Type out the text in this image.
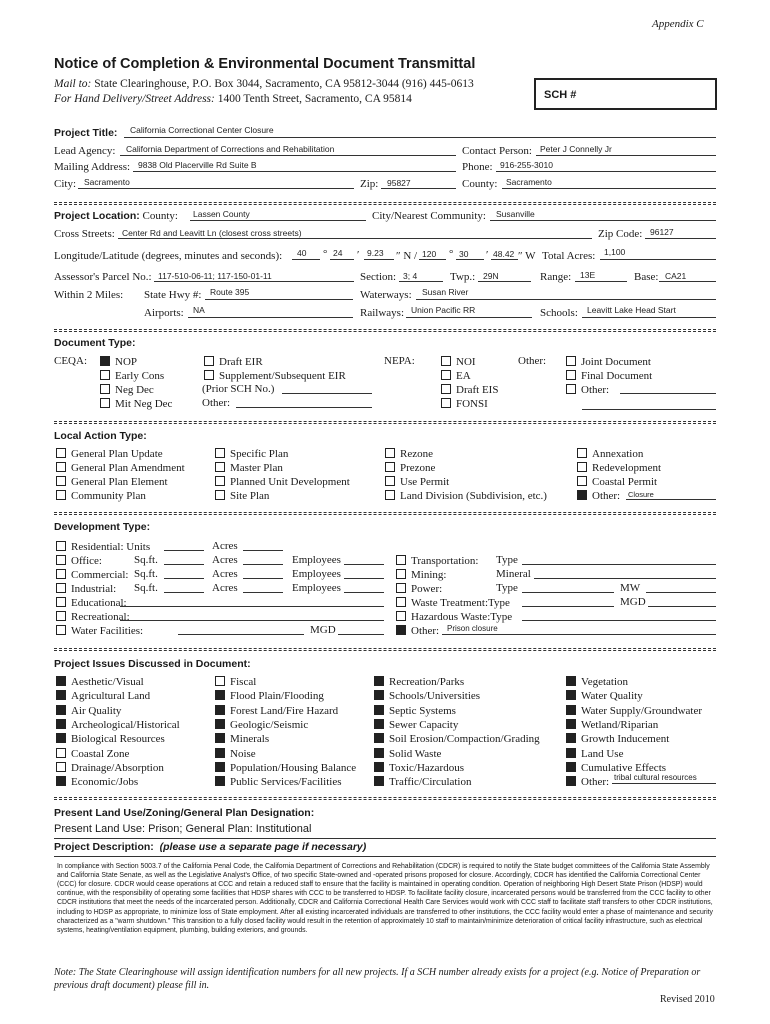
Appendix C
Notice of Completion & Environmental Document Transmittal
Mail to: State Clearinghouse, P.O. Box 3044, Sacramento, CA 95812-3044 (916) 445-0613
For Hand Delivery/Street Address: 1400 Tenth Street, Sacramento, CA 95814	SCH #
Project Title: California Correctional Center Closure
Lead Agency: California Department of Corrections and Rehabilitation	Contact Person: Peter J Connelly Jr
Mailing Address: 9838 Old Placerville Rd Suite B	Phone: 916-255-3010
City: Sacramento	Zip: 95827	County: Sacramento
Project Location: County: Lassen County	City/Nearest Community: Susanville
Cross Streets: Center Rd and Leavitt Ln (closest cross streets)	Zip Code: 96127
Longitude/Latitude (degrees, minutes and seconds): 40 ° 24 ′ 9.23 ″ N / 120 ° 30 ′ 48.42 ″ W Total Acres: 1,100
Assessor's Parcel No.: 117-510-06-11; 117-150-01-11	Section: 3; 4	Twp.: 29N	Range: 13E	Base: CA21
Within 2 Miles: State Hwy #: Route 395	Waterways: Susan River
Airports: NA	Railways: Union Pacific RR	Schools: Leavitt Lake Head Start
Document Type:
CEQA:	NOP
Early Cons
Neg Dec
Mit Neg Dec
Draft EIR
Supplement/Subsequent EIR
(Prior SCH No.)
Other:
NEPA:	NOI
EA
Draft EIS
FONSI
Other:	Joint Document
Final Document
Other:
Local Action Type:
General Plan Update
General Plan Amendment
General Plan Element
Community Plan
Specific Plan
Master Plan
Planned Unit Development
Site Plan
Rezone
Prezone
Use Permit
Land Division (Subdivision, etc.)
Annexation
Redevelopment
Coastal Permit
Other: Closure
Development Type:
Residential: Units	Acres
Office:	Sq.ft.	Acres	Employees
Commercial: Sq.ft.	Acres	Employees
Industrial: Sq.ft.	Acres	Employees
Educational:
Recreational:
Water Facilities:	MGD
Transportation: Type
Mining:	Mineral
Power:	Type	MW
Waste Treatment:Type	MGD
Hazardous Waste:Type
Other: Prison closure
Project Issues Discussed in Document:
Aesthetic/Visual
Agricultural Land
Air Quality
Archeological/Historical
Biological Resources
Coastal Zone
Drainage/Absorption
Economic/Jobs
Fiscal
Flood Plain/Flooding
Forest Land/Fire Hazard
Geologic/Seismic
Minerals
Noise
Population/Housing Balance
Public Services/Facilities
Recreation/Parks
Schools/Universities
Septic Systems
Sewer Capacity
Soil Erosion/Compaction/Grading
Solid Waste
Toxic/Hazardous
Traffic/Circulation
Vegetation
Water Quality
Water Supply/Groundwater
Wetland/Riparian
Growth Inducement
Land Use
Cumulative Effects
Other: tribal cultural resources
Present Land Use/Zoning/General Plan Designation:
Present Land Use: Prison; General Plan: Institutional
Project Description: (please use a separate page if necessary)
In compliance with Section 5003.7 of the California Penal Code, the California Department of Corrections and Rehabilitation (CDCR) is required to notify the State budget committees of the California State Assembly and California State Senate, as well as the Legislative Analyst's Office, of two specific State-owned and -operated prisons proposed for closure. Accordingly, CDCR has identified the California Correctional Center (CCC) for closure. CDCR would cease operations at CCC and retain a reduced staff to ensure that the facility is maintained in operating condition. Operation of neighboring High Desert State Prison (HDSP) would continue, with the responsibility of operating some facilities that HDSP shares with CCC to be transferred to HDSP. To facilitate facility closure, incarcerated persons would be transferred from the CCC facility to other CDCR institutions that meet the needs of the incarcerated person. Additionally, CDCR and California Correctional Health Care Services would work with CCC staff to facilitate staff transfers to other CDCR institutions, including to HDSP as appropriate, to minimize loss of State employment. After all existing incarcerated individuals are transferred to other institutions, the CCC facility would enter a phase of maintenance and security characterized as a "warm shutdown." This transition to a fully closed facility would result in the retention of approximately 10 staff to maintain/minimize deterioration of critical facility infrastructure, such as electrical systems, heating/ventilation equipment, plumbing, building exteriors, and grounds.
Note: The State Clearinghouse will assign identification numbers for all new projects. If a SCH number already exists for a project (e.g. Notice of Preparation or previous draft document) please fill in.
Revised 2010
